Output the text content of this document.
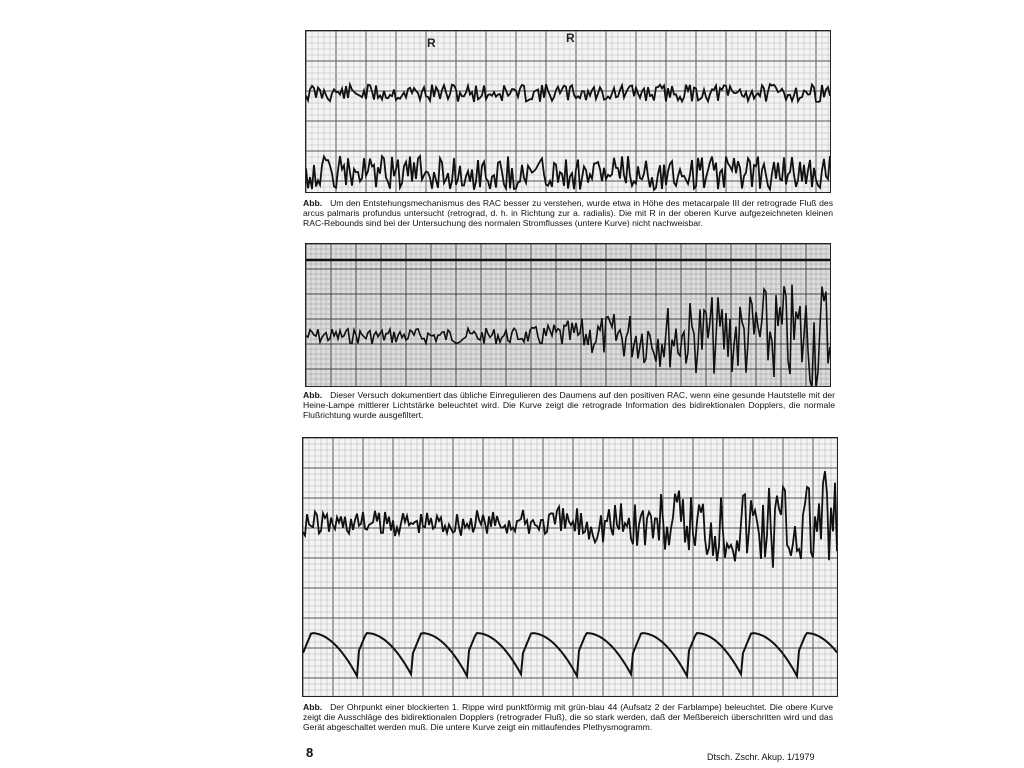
R	R
Abb. Um den Entstehungsmechanismus des RAC besser zu verstehen, wurde etwa in Höhe des metacarpale III der retrograde Fluß des arcus palmaris profundus untersucht (retrograd, d. h. in Richtung zur a. radialis). Die mit R in der oberen Kurve aufgezeichneten kleinen RAC-Rebounds sind bei der Untersuchung des normalen Stromflusses (untere Kurve) nicht nachweisbar.
Abb. Dieser Versuch dokumentiert das übliche Einregulieren des Daumens auf den positiven RAC, wenn eine gesunde Hautstelle mit der Heine-Lampe mittlerer Lichtstärke beleuchtet wird. Die Kurve zeigt die retrograde Information des bidirektionalen Dopplers, die normale Flußrichtung wurde ausgefiltert.
Abb. Der Ohrpunkt einer blockierten 1. Rippe wird punktförmig mit grün-blau 44 (Aufsatz 2 der Farblampe) beleuchtet. Die obere Kurve zeigt die Ausschläge des bidirektionalen Dopplers (retrograder Fluß), die so stark werden, daß der Meßbereich überschritten wird und das Gerät abgeschaltet werden muß. Die untere Kurve zeigt ein mitlaufendes Plethysmogramm.
8	Dtsch. Zschr. Akup. 1/1979
